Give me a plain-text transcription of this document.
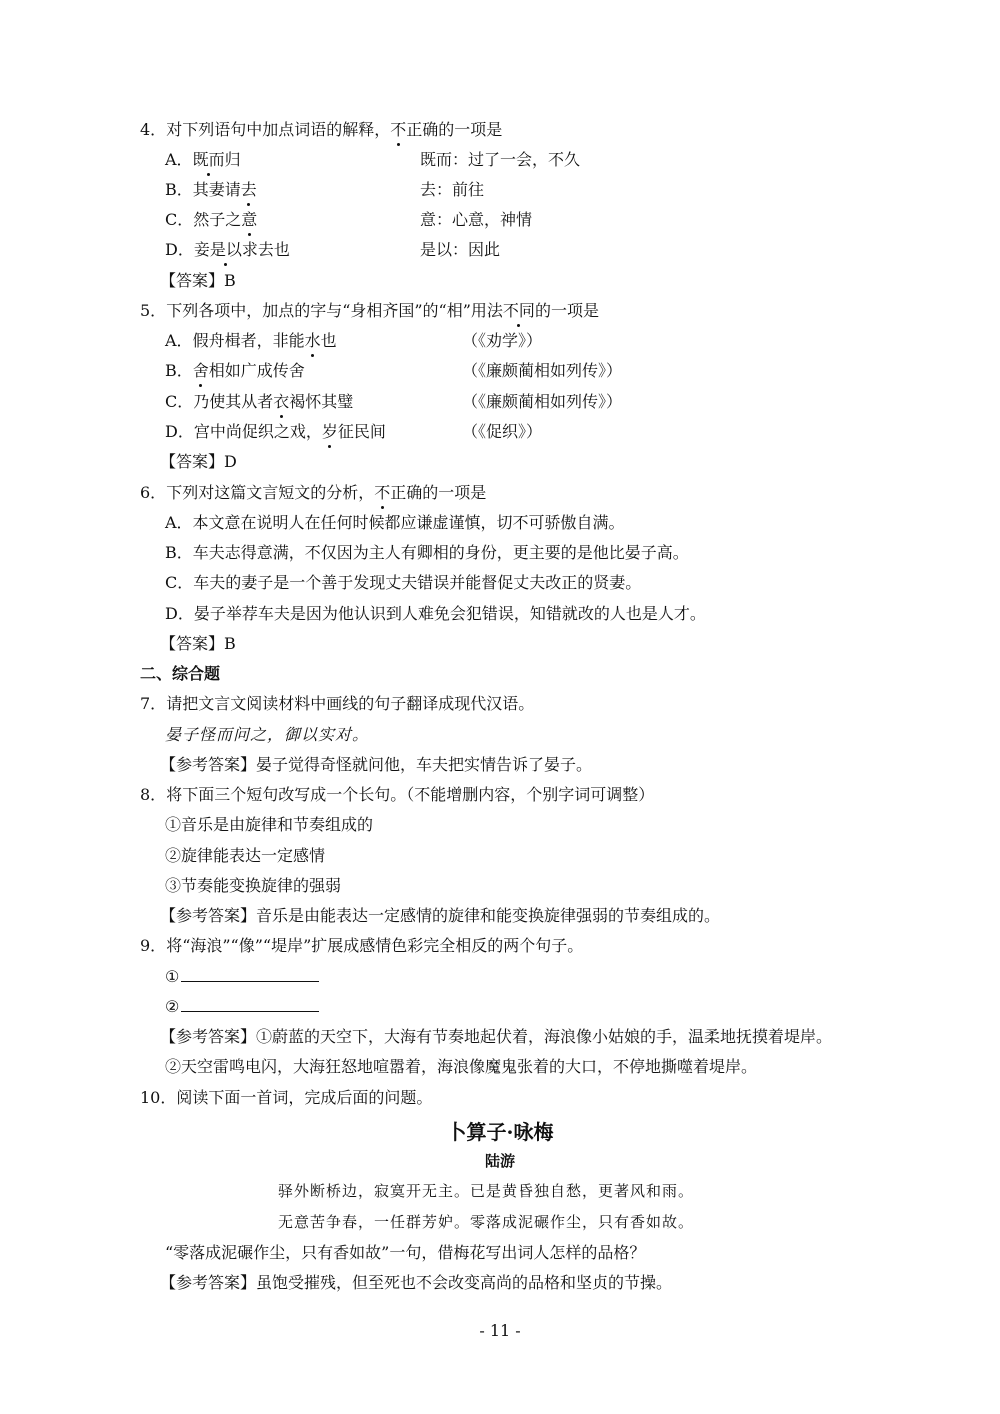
4．对下列语句中加点词语的解释，不正确的一项是
A．既而归	既而：过了一会，不久
B．其妻请去	去：前往
C．然子之意	意：心意，神情
D．妾是以求去也	是以：因此
【答案】B
5．下列各项中，加点的字与“身相齐国”的“相”用法不同的一项是
A．假舟楫者，非能水也	（《劝学》）
B．舍相如广成传舍	（《廉颇蔺相如列传》）
C．乃使其从者衣褐怀其璧	（《廉颇蔺相如列传》）
D．宫中尚促织之戏，岁征民间	（《促织》）
【答案】D
6．下列对这篇文言短文的分析，不正确的一项是
A．本文意在说明人在任何时候都应谦虚谨慎，切不可骄傲自满。
B．车夫志得意满，不仅因为主人有卿相的身份，更主要的是他比晏子高。
C．车夫的妻子是一个善于发现丈夫错误并能督促丈夫改正的贤妻。
D．晏子举荐车夫是因为他认识到人难免会犯错误，知错就改的人也是人才。
【答案】B
二、综合题
7．请把文言文阅读材料中画线的句子翻译成现代汉语。
晏子怪而问之，御以实对。
【参考答案】晏子觉得奇怪就问他，车夫把实情告诉了晏子。
8．将下面三个短句改写成一个长句。（不能增删内容，个别字词可调整）
①音乐是由旋律和节奏组成的
②旋律能表达一定感情
③节奏能变换旋律的强弱
【参考答案】音乐是由能表达一定感情的旋律和能变换旋律强弱的节奏组成的。
9．将“海浪”“像”“堤岸”扩展成感情色彩完全相反的两个句子。
①
②
【参考答案】①蔚蓝的天空下，大海有节奏地起伏着，海浪像小姑娘的手，温柔地抚摸着堤岸。
②天空雷鸣电闪，大海狂怒地喧嚣着，海浪像魔鬼张着的大口，不停地撕噬着堤岸。
10．阅读下面一首词，完成后面的问题。
卜算子·咏梅
陆游
驿外断桥边，寂寞开无主。已是黄昏独自愁，更著风和雨。
无意苦争春，一任群芳妒。零落成泥碾作尘，只有香如故。
“零落成泥碾作尘，只有香如故”一句，借梅花写出词人怎样的品格？
【参考答案】虽饱受摧残，但至死也不会改变高尚的品格和坚贞的节操。
- 11 -
